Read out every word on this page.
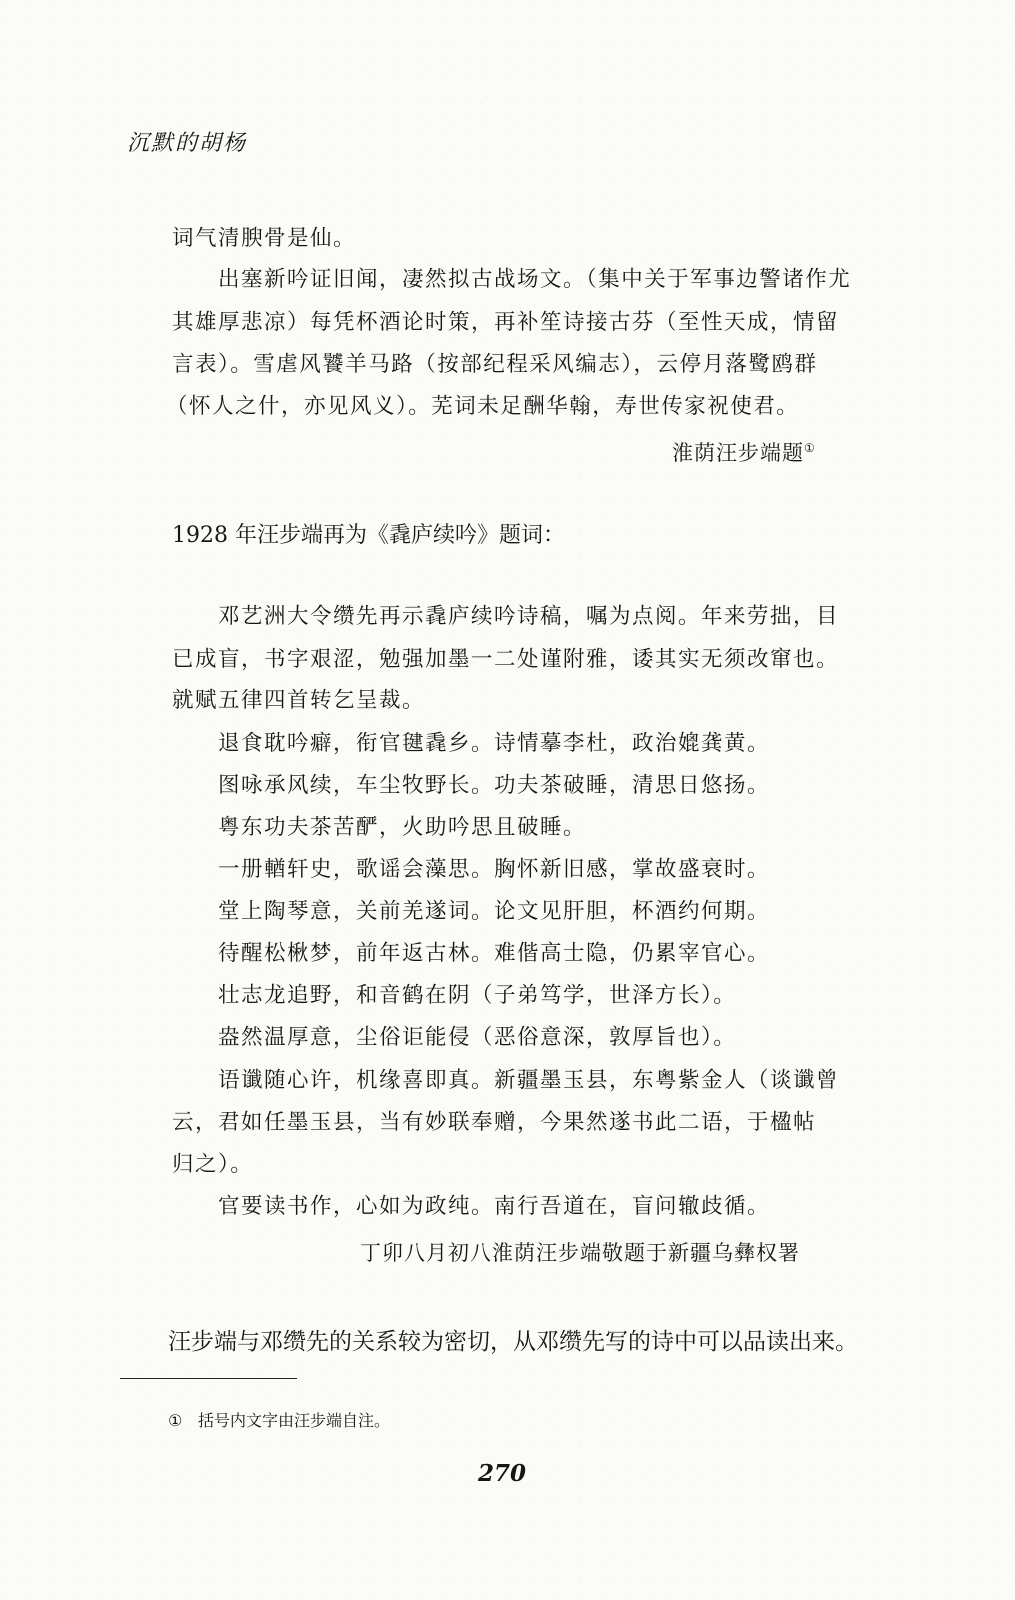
沉默的胡杨
词气清腴骨是仙。
出塞新吟证旧闻，凄然拟古战场文。（集中关于军事边警诸作尤
其雄厚悲凉）每凭杯酒论时策，再补笙诗接古芬（至性天成，情留
言表）。雪虐风饕羊马路（按部纪程采风编志），云停月落鹭鸥群
（怀人之什，亦见风义）。芜词未足酬华翰，寿世传家祝使君。
淮荫汪步端题①
1928 年汪步端再为《毳庐续吟》题词：
邓艺洲大令缵先再示毳庐续吟诗稿，嘱为点阅。年来劳拙，目
已成盲，书字艰涩，勉强加墨一二处谨附雅，诿其实无须改窜也。
就赋五律四首转乞呈裁。
退食耽吟癖，衔官毽毳乡。诗情摹李杜，政治媲龚黄。
图咏承风续，车尘牧野长。功夫茶破睡，清思日悠扬。
粤东功夫茶苦酽，火助吟思且破睡。
一册輶轩史，歌谣会藻思。胸怀新旧感，掌故盛衰时。
堂上陶琴意，关前羌遂词。论文见肝胆，杯酒约何期。
待醒松楸梦，前年返古林。难偕高士隐，仍累宰官心。
壮志龙追野，和音鹤在阴（子弟笃学，世泽方长）。
盎然温厚意，尘俗讵能侵（恶俗意深，敦厚旨也）。
语谶随心许，机缘喜即真。新疆墨玉县，东粤紫金人（谈谶曾
云，君如任墨玉县，当有妙联奉赠，今果然遂书此二语，于楹帖
归之）。
官要读书作，心如为政纯。南行吾道在，盲问辙歧循。
丁卯八月初八淮荫汪步端敬题于新疆乌彝权署
汪步端与邓缵先的关系较为密切，从邓缵先写的诗中可以品读出来。
① 括号内文字由汪步端自注。
270
